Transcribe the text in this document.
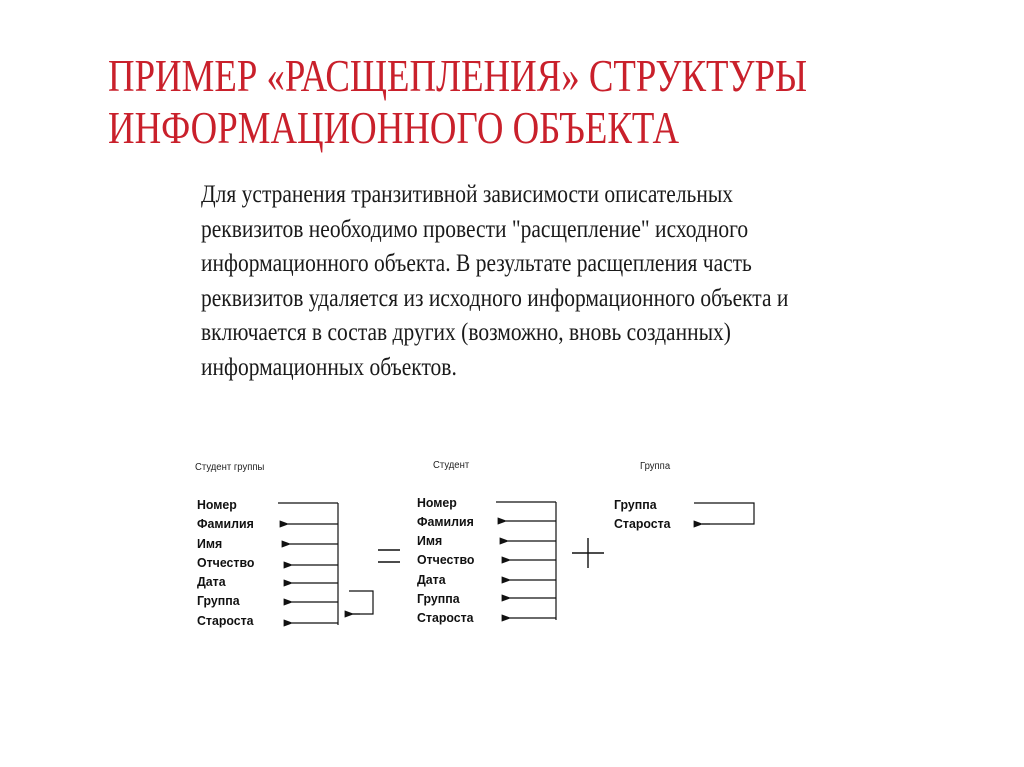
ПРИМЕР «РАСЩЕПЛЕНИЯ» СТРУКТУРЫ
ИНФОРМАЦИОННОГО ОБЪЕКТА
Для устранения транзитивной зависимости описательных
реквизитов необходимо провести "расщепление" исходного
информационного объекта. В результате расщепления часть
реквизитов удаляется из исходного информационного объекта и
включается в состав других (возможно, вновь созданных)
информационных объектов.
Студент группы
Номер
Фамилия
Имя
Отчество
Дата
Группа
Староста
Студент
Номер
Фамилия
Имя
Отчество
Дата
Группа
Староста
Группа
Группа
Староста
